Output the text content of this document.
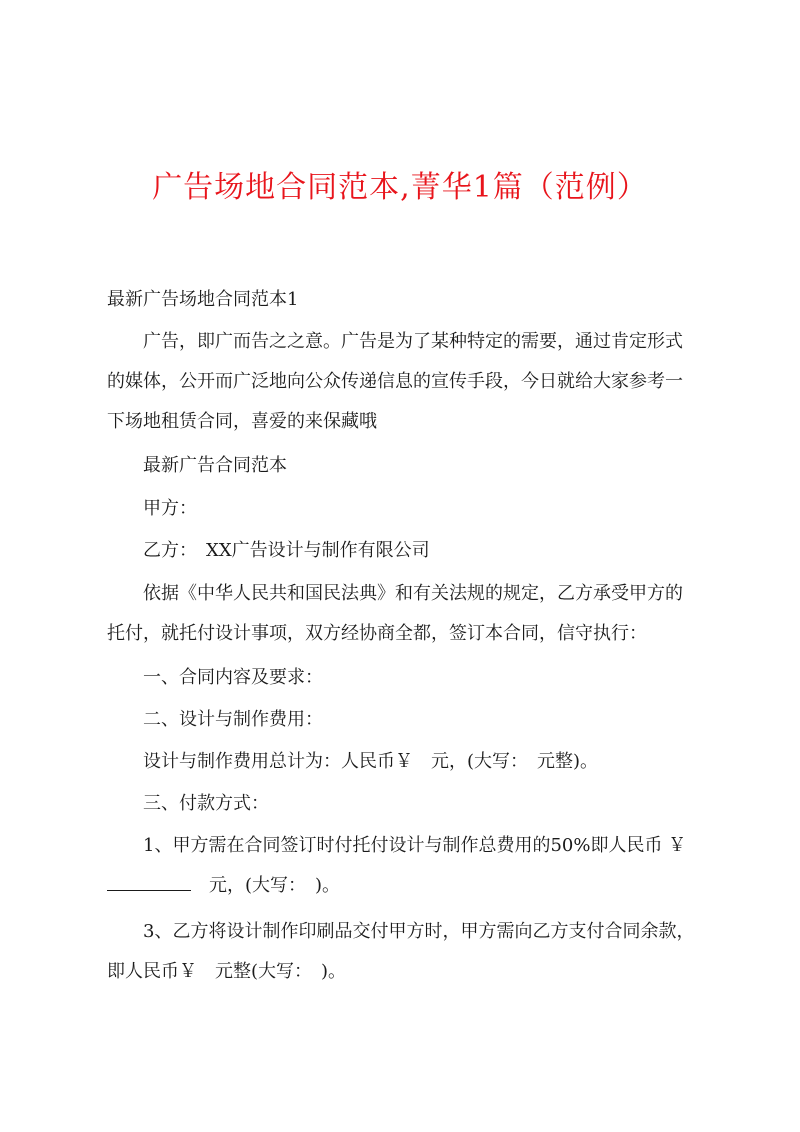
广告场地合同范本,菁华1篇（范例）
最新广告场地合同范本1
广告，即广而告之之意。广告是为了某种特定的需要，通过肯定形式
的媒体，公开而广泛地向公众传递信息的宣传手段，今日就给大家参考一
下场地租赁合同，喜爱的来保藏哦
最新广告合同范本
甲方：
乙方：　XX广告设计与制作有限公司
依据《中华人民共和国民法典》和有关法规的规定，乙方承受甲方的
托付，就托付设计事项，双方经协商全都，签订本合同，信守执行：
一、合同内容及要求：
二、设计与制作费用：
设计与制作费用总计为：人民币￥　元，(大写：　元整)。
三、付款方式：
1、甲方需在合同签订时付托付设计与制作总费用的50%即人民币 ￥
　元，(大写：　)。
3、乙方将设计制作印刷品交付甲方时，甲方需向乙方支付合同余款，
即人民币￥　元整(大写：　)。
